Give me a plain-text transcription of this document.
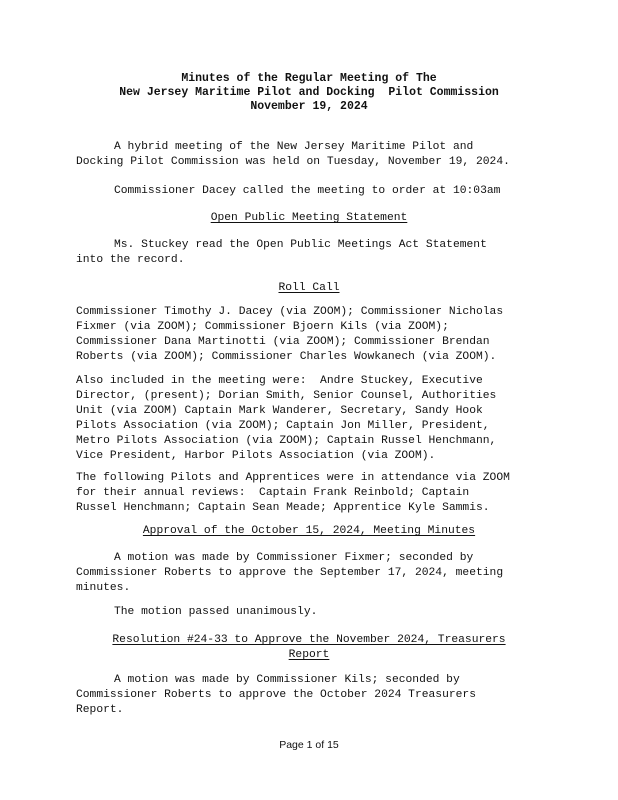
Minutes of the Regular Meeting of The
New Jersey Maritime Pilot and Docking  Pilot Commission
November 19, 2024
A hybrid meeting of the New Jersey Maritime Pilot and
Docking Pilot Commission was held on Tuesday, November 19, 2024.
Commissioner Dacey called the meeting to order at 10:03am
Open Public Meeting Statement
Ms. Stuckey read the Open Public Meetings Act Statement
into the record.
Roll Call
Commissioner Timothy J. Dacey (via ZOOM); Commissioner Nicholas
Fixmer (via ZOOM); Commissioner Bjoern Kils (via ZOOM);
Commissioner Dana Martinotti (via ZOOM); Commissioner Brendan
Roberts (via ZOOM); Commissioner Charles Wowkanech (via ZOOM).
Also included in the meeting were:  Andre Stuckey, Executive
Director, (present); Dorian Smith, Senior Counsel, Authorities
Unit (via ZOOM) Captain Mark Wanderer, Secretary, Sandy Hook
Pilots Association (via ZOOM); Captain Jon Miller, President,
Metro Pilots Association (via ZOOM); Captain Russel Henchmann,
Vice President, Harbor Pilots Association (via ZOOM).
The following Pilots and Apprentices were in attendance via ZOOM
for their annual reviews:  Captain Frank Reinbold; Captain
Russel Henchmann; Captain Sean Meade; Apprentice Kyle Sammis.
Approval of the October 15, 2024, Meeting Minutes
A motion was made by Commissioner Fixmer; seconded by
Commissioner Roberts to approve the September 17, 2024, meeting
minutes.
The motion passed unanimously.
Resolution #24-33 to Approve the November 2024, Treasurers
Report
A motion was made by Commissioner Kils; seconded by
Commissioner Roberts to approve the October 2024 Treasurers
Report.
Page 1 of 15
